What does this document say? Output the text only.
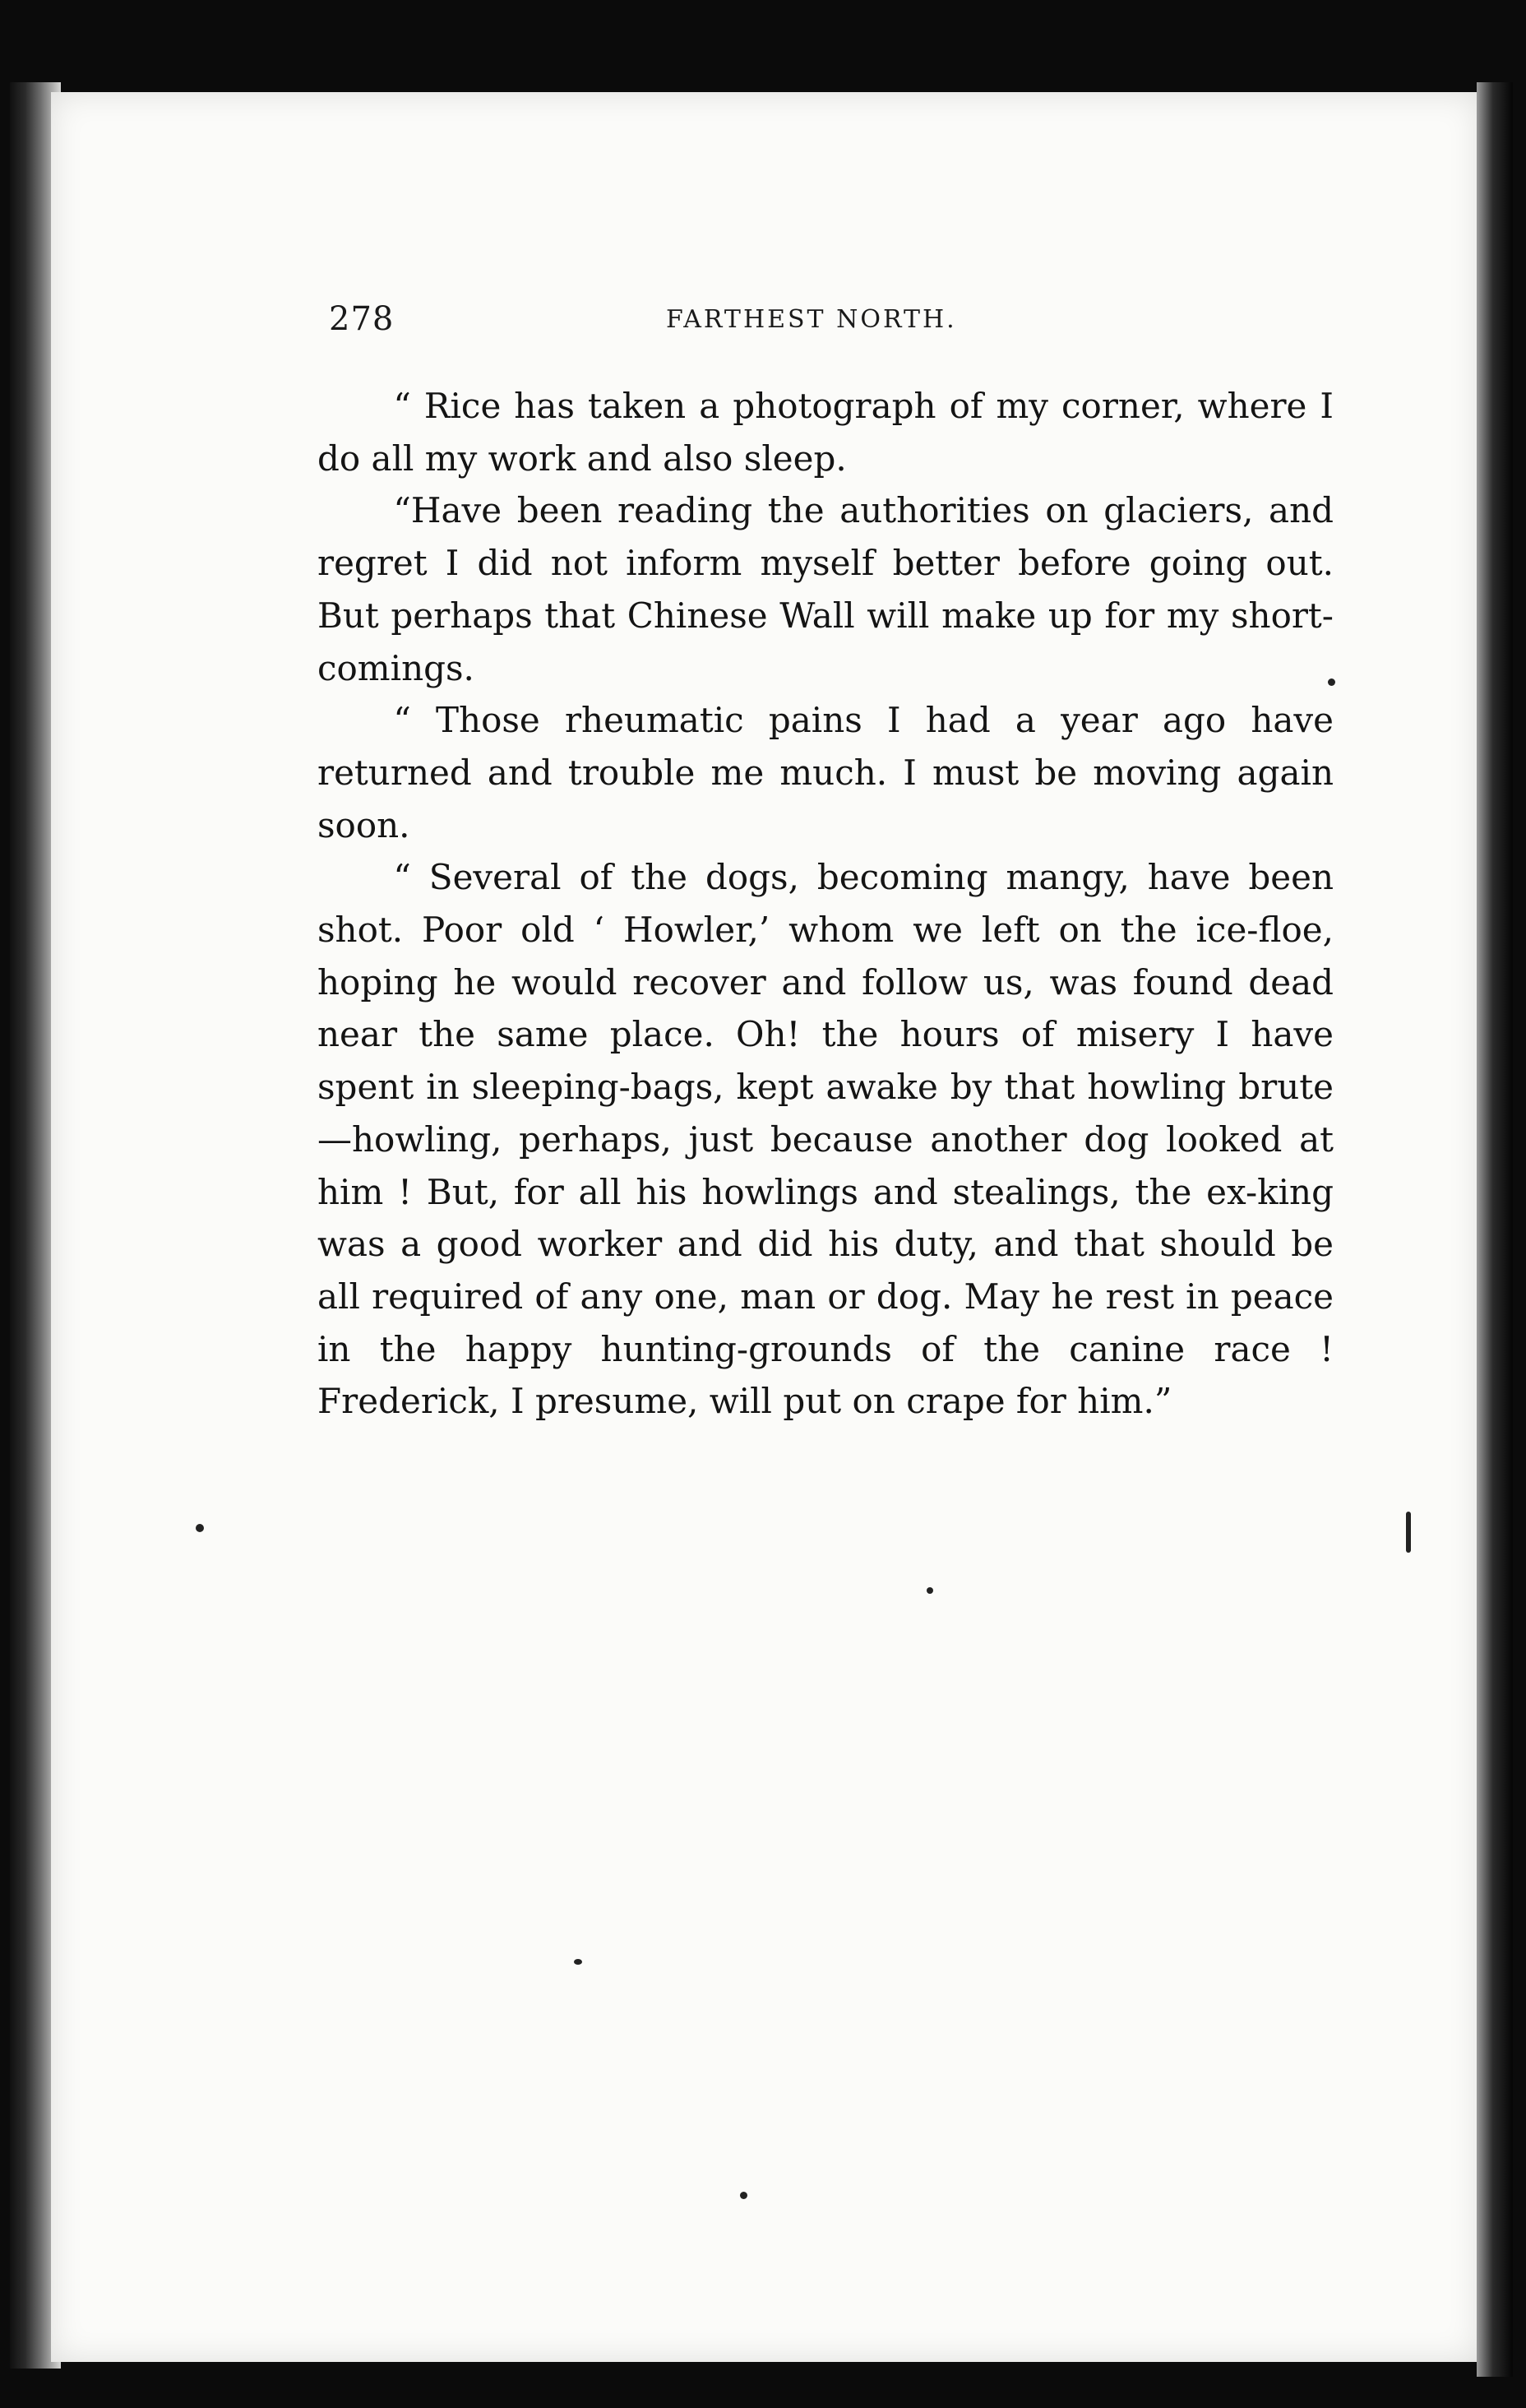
278	FARTHEST NORTH.

“ Rice has taken a photograph of my corner, where I do all my work and also sleep.

“Have been reading the authorities on glaciers, and regret I did not inform myself better before going out. But perhaps that Chinese Wall will make up for my short-comings.

“ Those rheumatic pains I had a year ago have returned and trouble me much. I must be moving again soon.

“ Several of the dogs, becoming mangy, have been shot. Poor old ‘ Howler,’ whom we left on the ice-floe, hoping he would recover and follow us, was found dead near the same place. Oh! the hours of misery I have spent in sleeping-bags, kept awake by that howling brute—howling, perhaps, just because another dog looked at him ! But, for all his howlings and stealings, the ex-king was a good worker and did his duty, and that should be all required of any one, man or dog. May he rest in peace in the happy hunting-grounds of the canine race ! Frederick, I presume, will put on crape for him.”
